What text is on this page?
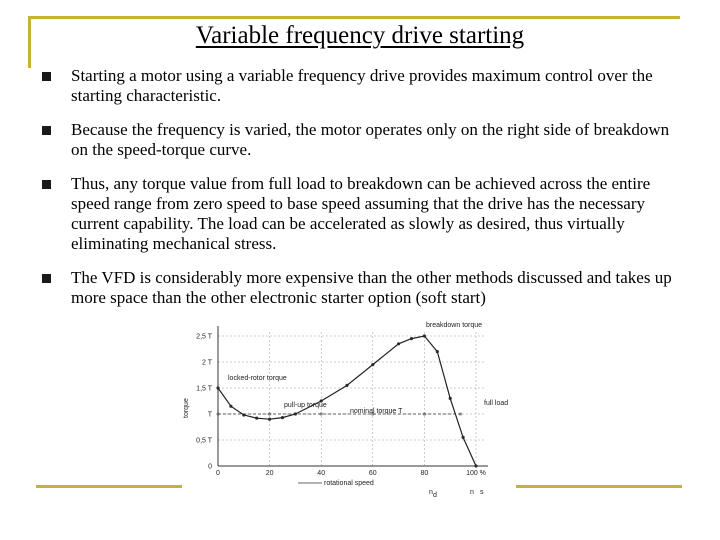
Variable frequency drive starting
Starting a motor using a variable frequency drive provides maximum control over the starting characteristic.
Because the frequency is varied, the motor operates only on the right side of breakdown on the speed-torque curve.
Thus, any torque value from full load to breakdown can be achieved across the entire speed range from zero speed to base speed assuming that the drive has the necessary current capability. The load can be accelerated as slowly as desired, thus virtually eliminating mechanical stress.
The VFD is considerably more expensive than the other methods discussed and takes up more space than the other electronic starter option (soft start)
0
0,5 T
T
1,5 T
2 T
2,5 T
0	20	40	60	80	100 %
breakdown torque
locked-rotor torque
pull-up torque
nominal torque T
full load
torque
rotational speed
n d	n s
